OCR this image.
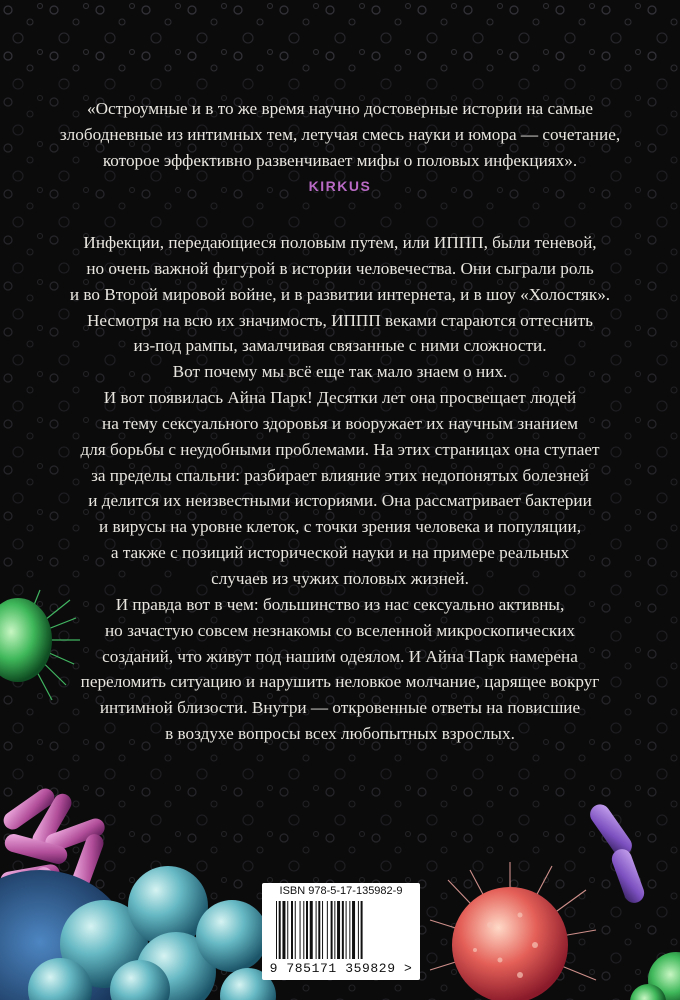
«Остроумные и в то же время научно достоверные истории на самые
злободневные из интимных тем, летучая смесь науки и юмора — сочетание,
которое эффективно развенчивает мифы о половых инфекциях».
KIRKUS
Инфекции, передающиеся половым путем, или ИППП, были теневой,
но очень важной фигурой в истории человечества. Они сыграли роль
и во Второй мировой войне, и в развитии интернета, и в шоу «Холостяк».
Несмотря на всю их значимость, ИППП веками стараются оттеснить
из-под рампы, замалчивая связанные с ними сложности.
Вот почему мы всё еще так мало знаем о них.
И вот появилась Айна Парк! Десятки лет она просвещает людей
на тему сексуального здоровья и вооружает их научным знанием
для борьбы с неудобными проблемами. На этих страницах она ступает
за пределы спальни: разбирает влияние этих недопонятых болезней
и делится их неизвестными историями. Она рассматривает бактерии
и вирусы на уровне клеток, с точки зрения человека и популяции,
а также с позиций исторической науки и на примере реальных
случаев из чужих половых жизней.
И правда вот в чем: большинство из нас сексуально активны,
но зачастую совсем незнакомы со вселенной микроскопических
созданий, что живут под нашим одеялом. И Айна Парк намерена
переломить ситуацию и нарушить неловкое молчание, царящее вокруг
интимной близости. Внутри — откровенные ответы на повисшие
в воздухе вопросы всех любопытных взрослых.
ISBN 978-5-17-135982-9
9 785171 359829 >
